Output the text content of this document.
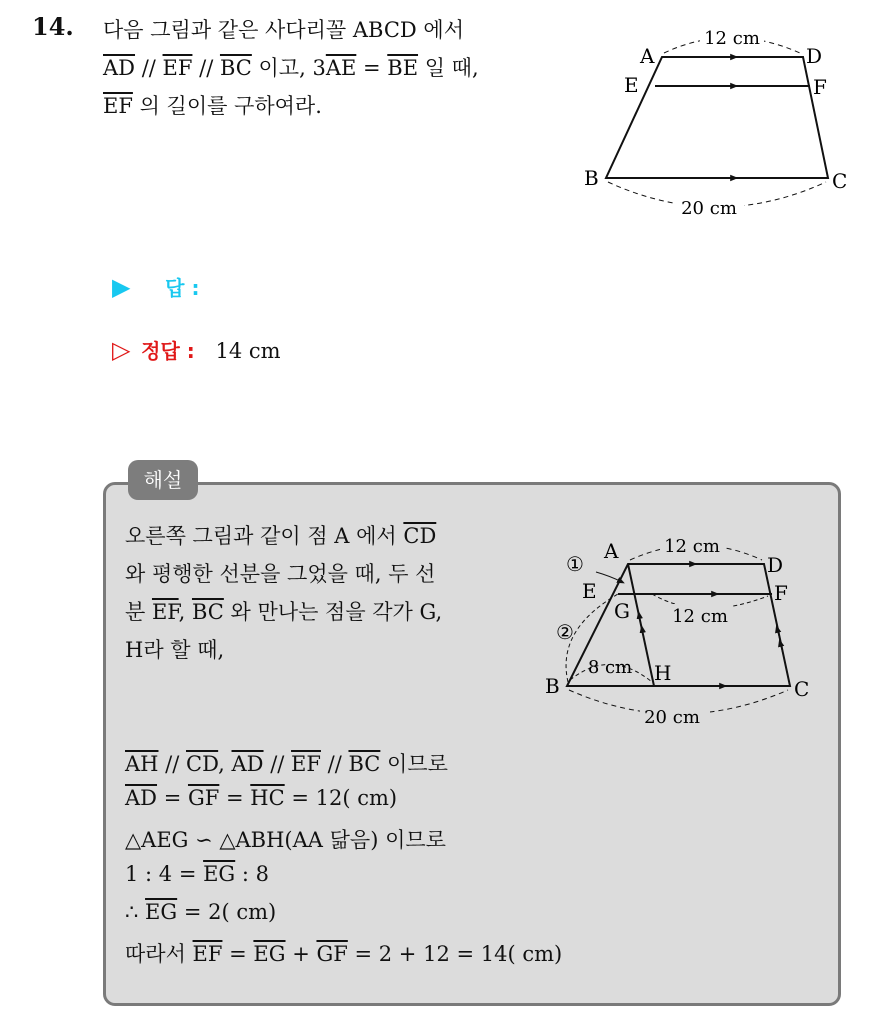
14. 다음 그림과 같은 사다리꼴 ABCD 에서
$\overline{AD} // \overline{EF} // \overline{BC}$ 이고, $3\overline{AE} = \overline{BE}$ 일 때,
$\overline{EF}$ 의 길이를 구하여라.
12 cm
20 cm
A	D
E	F
B	C
▶ 답 :
▷ 정답 : 14 cm
해설
오른쪽 그림과 같이 점 A 에서 $\overline{CD}$
와 평행한 선분을 그었을 때, 두 선
분 $\overline{EF}$, $\overline{BC}$ 와 만나는 점을 각가 G,
H라 할 때,
$\overline{AH} // \overline{CD}$, $\overline{AD} // \overline{EF} // \overline{BC}$ 이므로
$\overline{AD} = \overline{GF} = \overline{HC} = 12$( cm)
△AEG ∽ △ABH(AA 닮음) 이므로
1 : $4 = \overline{EG}$ : 8
∴ $\overline{EG} = 2$( cm)
따라서 $\overline{EF} = \overline{EG} + \overline{GF} = 2 + 12 = 14$( cm)
12 cm
12 cm
8 cm
20 cm
A
D
E	F
G
H
B	C
①
②
